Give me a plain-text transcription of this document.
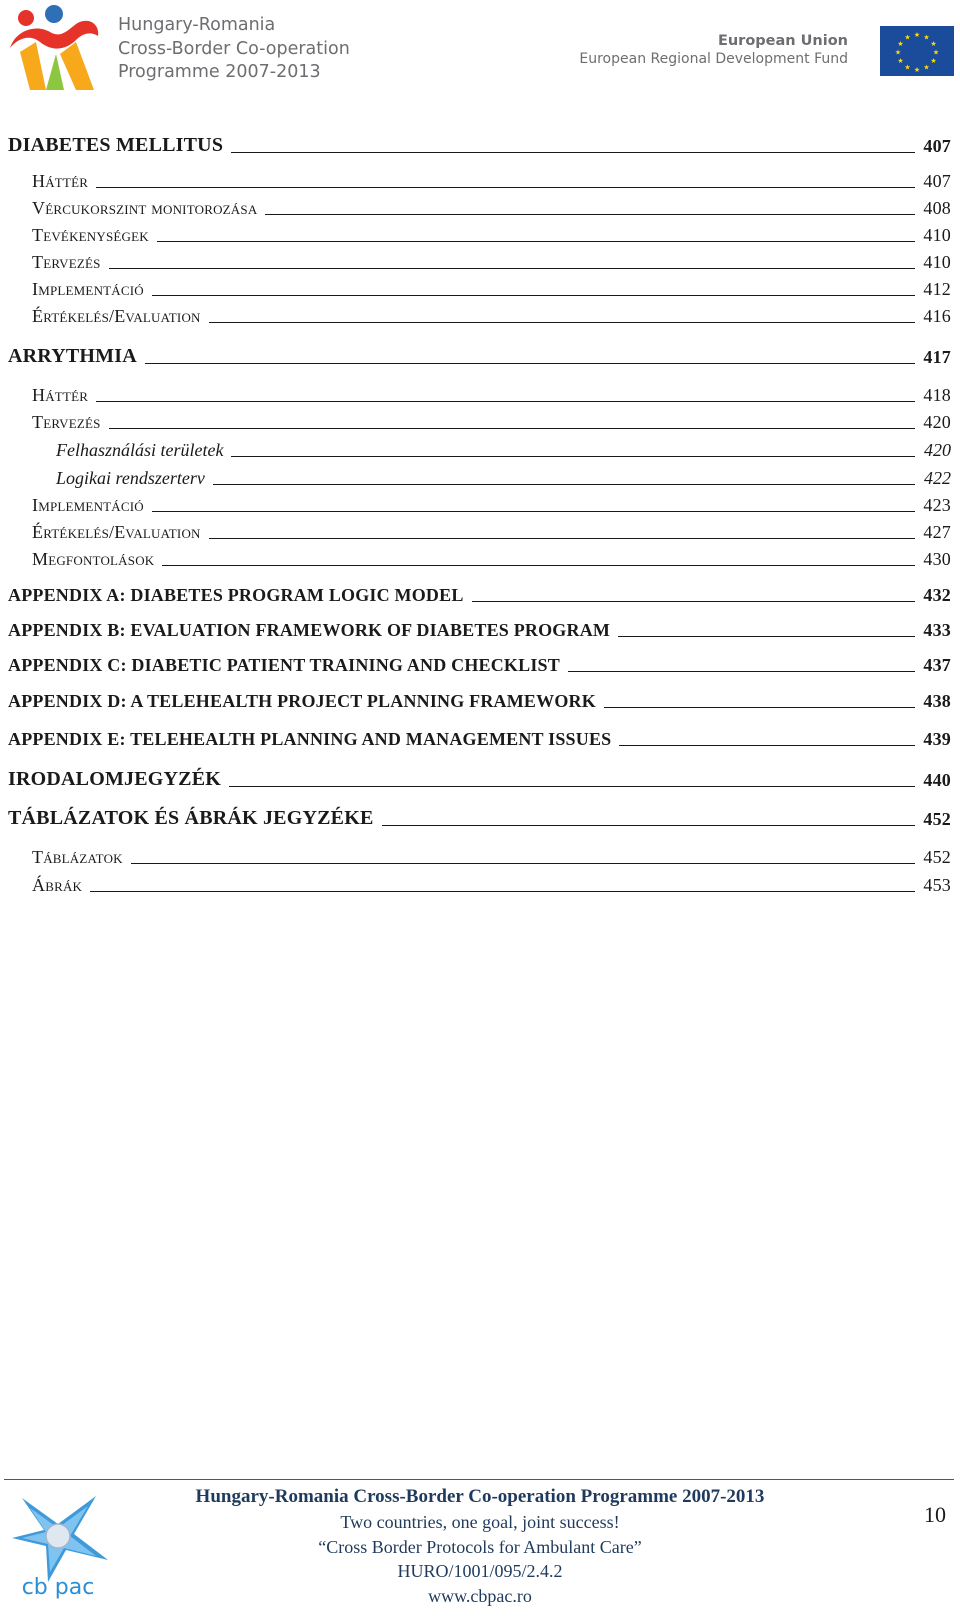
Hungary-Romania
Cross-Border Co-operation
Programme 2007-2013
European Union
European Regional Development Fund
★ ★
★
★
★
★
★
★
★
★
★
★
DIABETES MELLITUS	407
Háttér	407
Vércukorszint monitorozása	408
Tevékenységek	410
Tervezés	410
Implementáció	412
Értékelés/Evaluation	416
ARRYTHMIA	417
Háttér	418
Tervezés	420
Felhasználási területek	420
Logikai rendszerterv	422
Implementáció	423
Értékelés/Evaluation	427
Megfontolások	430
APPENDIX A: DIABETES PROGRAM LOGIC MODEL	432
APPENDIX B: EVALUATION FRAMEWORK OF DIABETES PROGRAM	433
APPENDIX C: DIABETIC PATIENT TRAINING AND CHECKLIST	437
APPENDIX D: A TELEHEALTH PROJECT PLANNING FRAMEWORK	438
APPENDIX E: TELEHEALTH PLANNING AND MANAGEMENT ISSUES	439
IRODALOMJEGYZÉK	440
TÁBLÁZATOK ÉS ÁBRÁK JEGYZÉKE	452
Táblázatok	452
Ábrák	453
cb pac
Hungary-Romania Cross-Border Co-operation Programme 2007-2013
Two countries, one goal, joint success!
“Cross Border Protocols for Ambulant Care”
HURO/1001/095/2.4.2
www.cbpac.ro
10
